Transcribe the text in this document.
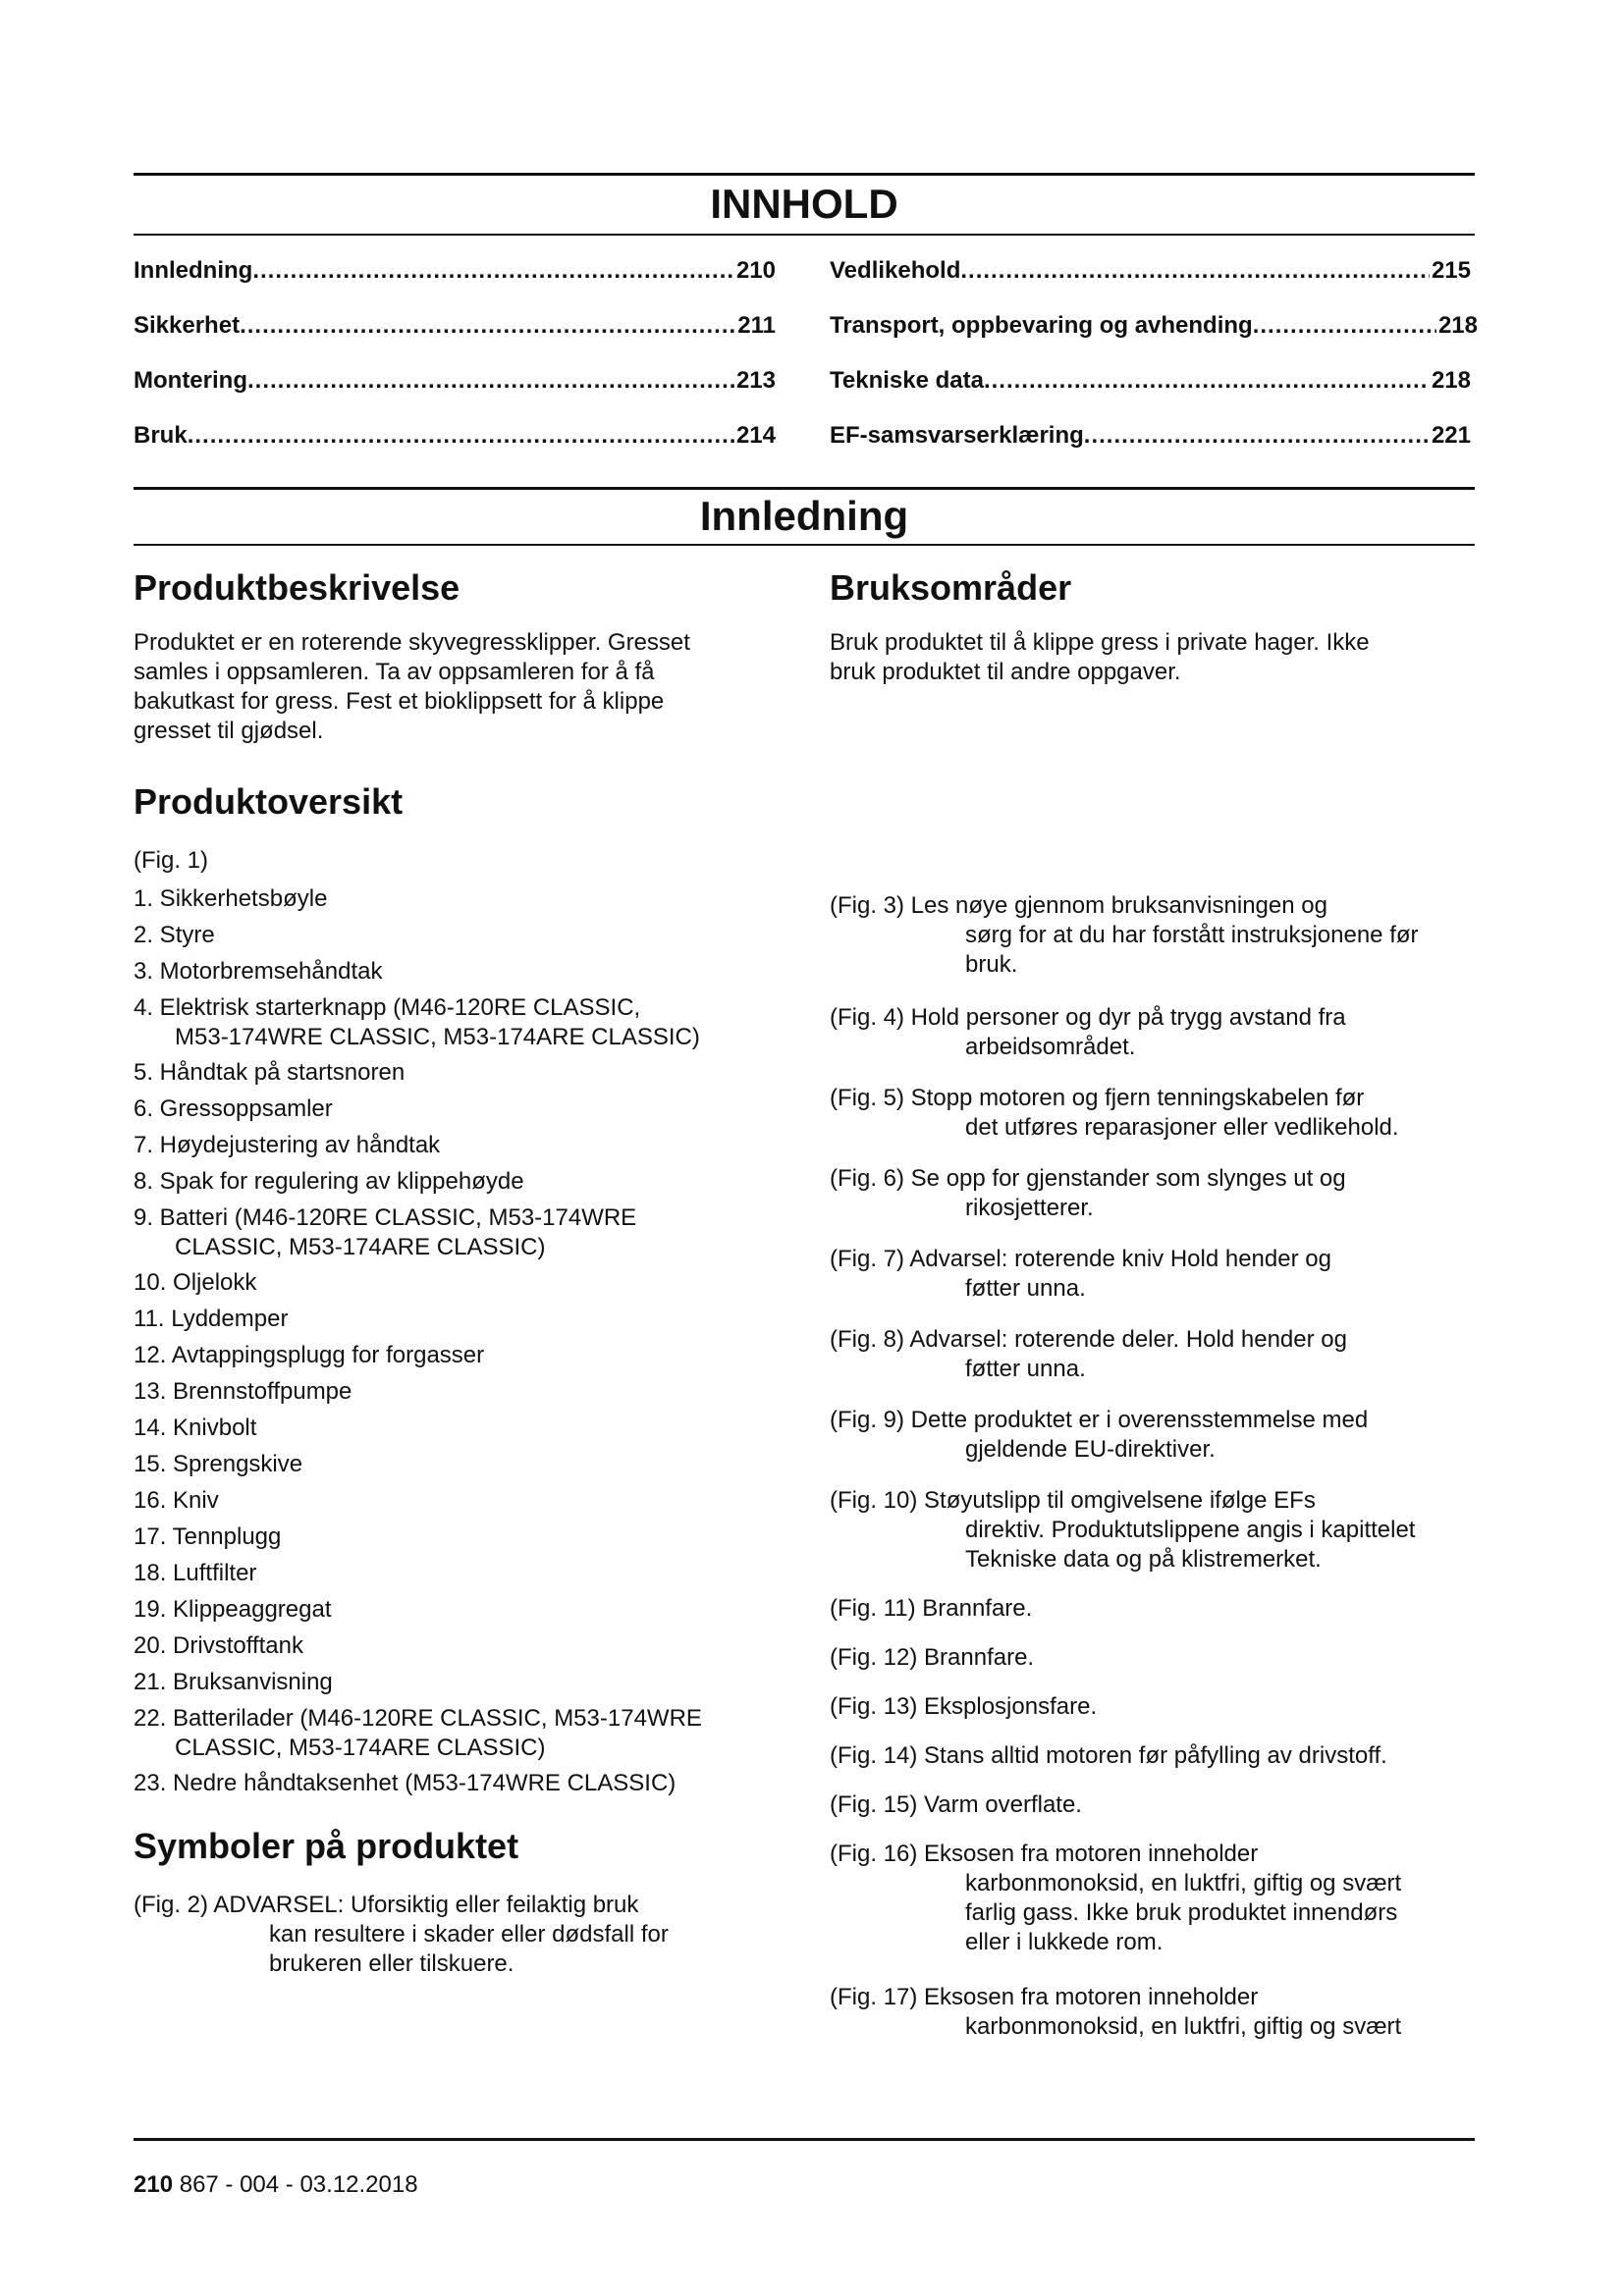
INNHOLD
Innledning .....	210
Sikkerhet .....	211
Montering .....	213
Bruk .....	214
Vedlikehold .....	215
Transport, oppbevaring og avhending .....	218
Tekniske data .....	218
EF-samsvarserklæring .....	221
Innledning
Produktbeskrivelse
Produktet er en roterende skyvegressklipper. Gresset
samles i oppsamleren. Ta av oppsamleren for å få
bakutkast for gress. Fest et bioklippsett for å klippe
gresset til gjødsel.
Bruksområder
Bruk produktet til å klippe gress i private hager. Ikke
bruk produktet til andre oppgaver.
Produktoversikt
(Fig. 1)
1. Sikkerhetsbøyle
2. Styre
3. Motorbremsehåndtak
4. Elektrisk starterknapp (M46-120RE CLASSIC,
M53-174WRE CLASSIC, M53-174ARE CLASSIC)
5. Håndtak på startsnoren
6. Gressoppsamler
7. Høydejustering av håndtak
8. Spak for regulering av klippehøyde
9. Batteri (M46-120RE CLASSIC, M53-174WRE
CLASSIC, M53-174ARE CLASSIC)
10. Oljelokk
11. Lyddemper
12. Avtappingsplugg for forgasser
13. Brennstoffpumpe
14. Knivbolt
15. Sprengskive
16. Kniv
17. Tennplugg
18. Luftfilter
19. Klippeaggregat
20. Drivstofftank
21. Bruksanvisning
22. Batterilader (M46-120RE CLASSIC, M53-174WRE
CLASSIC, M53-174ARE CLASSIC)
23. Nedre håndtaksenhet (M53-174WRE CLASSIC)
Symboler på produktet
(Fig. 2) ADVARSEL: Uforsiktig eller feilaktig bruk
kan resultere i skader eller dødsfall for
brukeren eller tilskuere.
(Fig. 3) Les nøye gjennom bruksanvisningen og
sørg for at du har forstått instruksjonene før
bruk.
(Fig. 4) Hold personer og dyr på trygg avstand fra
arbeidsområdet.
(Fig. 5) Stopp motoren og fjern tenningskabelen før
det utføres reparasjoner eller vedlikehold.
(Fig. 6) Se opp for gjenstander som slynges ut og
rikosjetterer.
(Fig. 7) Advarsel: roterende kniv Hold hender og
føtter unna.
(Fig. 8) Advarsel: roterende deler. Hold hender og
føtter unna.
(Fig. 9) Dette produktet er i overensstemmelse med
gjeldende EU-direktiver.
(Fig. 10) Støyutslipp til omgivelsene ifølge EFs
direktiv. Produktutslippene angis i kapittelet
Tekniske data og på klistremerket.
(Fig. 11) Brannfare.
(Fig. 12) Brannfare.
(Fig. 13) Eksplosjonsfare.
(Fig. 14) Stans alltid motoren før påfylling av drivstoff.
(Fig. 15) Varm overflate.
(Fig. 16) Eksosen fra motoren inneholder
karbonmonoksid, en luktfri, giftig og svært
farlig gass. Ikke bruk produktet innendørs
eller i lukkede rom.
(Fig. 17) Eksosen fra motoren inneholder
karbonmonoksid, en luktfri, giftig og svært
210 867 - 004 - 03.12.2018
